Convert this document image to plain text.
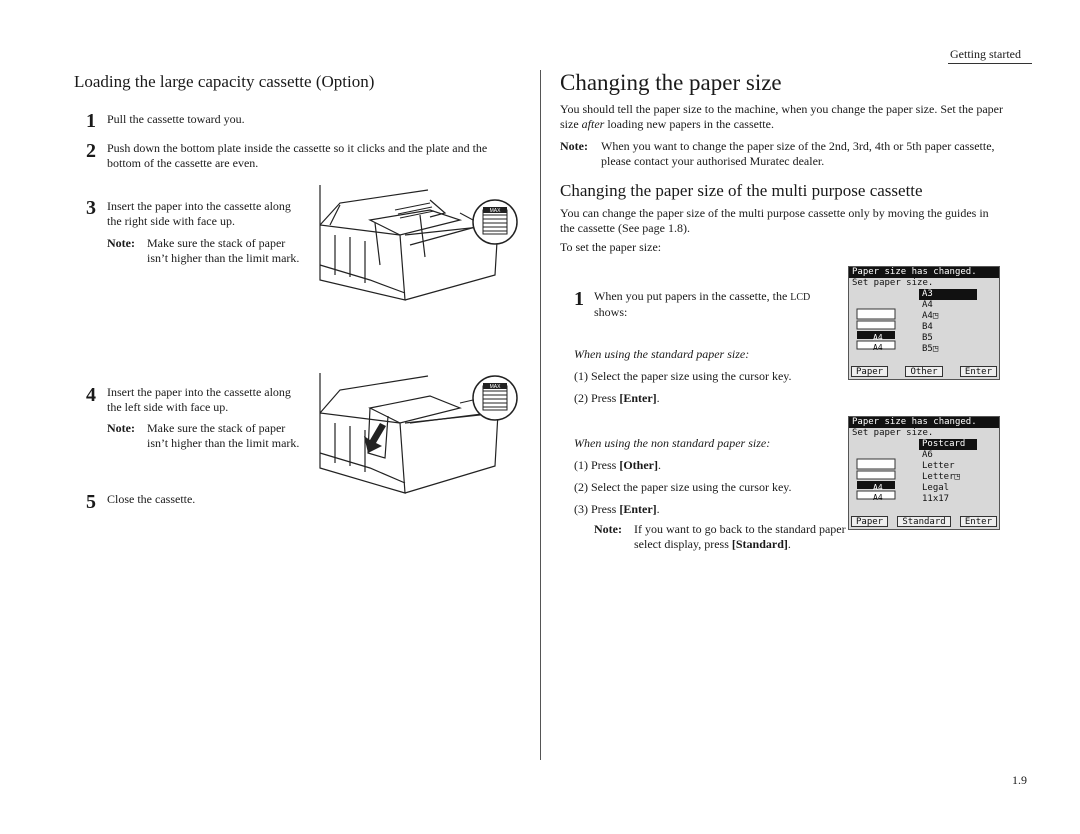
Getting started
Loading the large capacity cassette (Option)
1 Pull the cassette toward you.
2 Push down the bottom plate inside the cassette so it clicks and the plate and the bottom of the cassette are even.
3 Insert the paper into the cassette along the right side with face up.
Note: Make sure the stack of paper isn’t higher than the limit mark.
MAX
4 Insert the paper into the cassette along the left side with face up.
Note: Make sure the stack of paper isn’t higher than the limit mark.
MAX
5 Close the cassette.
Changing the paper size
You should tell the paper size to the machine, when you change the paper size. Set the paper size after loading new papers in the cassette.
Note: When you want to change the paper size of the 2nd, 3rd, 4th or 5th paper cassette, please contact your authorised Muratec dealer.
Changing the paper size of the multi purpose cassette
You can change the paper size of the multi purpose cassette only by moving the guides in the cassette (See page 1.8).
To set the paper size:
1 When you put papers in the cassette, the LCD shows:
When using the standard paper size:
(1) Select the paper size using the cursor key.
(2) Press [Enter].
When using the non standard paper size:
(1) Press [Other].
(2) Select the paper size using the cursor key.
(3) Press [Enter].
Note: If you want to go back to the standard paper select display, press [Standard].
Paper size has changed.
Set paper size.
A3
A4
A4◳
B4
B5
B5◳
A4
A4
Paper	Other	Enter
Paper size has changed.
Set paper size.
Postcard
A6
Letter
Letter◳
Legal
11x17
A4
A4
Paper	Standard	Enter
1.9
